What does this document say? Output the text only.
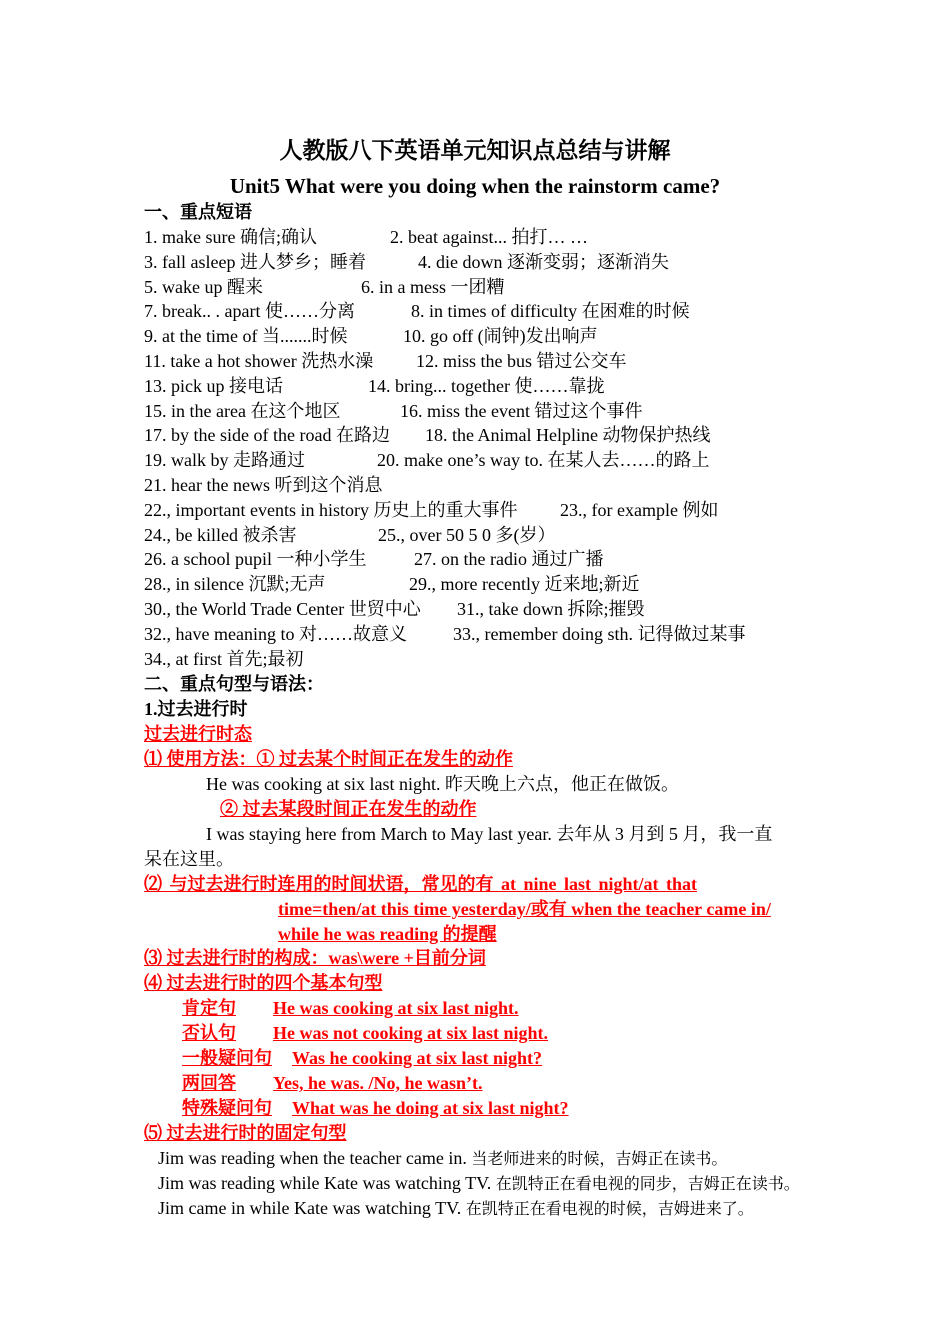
人教版八下英语单元知识点总结与讲解
Unit5 What were you doing when the rainstorm came?
一、重点短语
1. make sure 确信;确认	2. beat against... 拍打… …
3. fall asleep 进人梦乡；睡着	4. die down 逐渐变弱；逐渐消失
5. wake up 醒来	6. in a mess 一团糟
7. break.. . apart 使……分离	8. in times of difficulty 在困难的时候
9. at the time of 当.......时候	10. go off (闹钟)发出响声
11. take a hot shower 洗热水澡 12. miss the bus 错过公交车
13. pick up 接电话	14. bring... together 使……靠拢
15. in the area 在这个地区	16. miss the event 错过这个事件
17. by the side of the road 在路边 18. the Animal Helpline 动物保护热线
19. walk by 走路通过	20. make one’s way to. 在某人去……的路上
21. hear the news 听到这个消息
22., important events in history 历史上的重大事件 23., for example 例如
24., be killed 被杀害	25., over 50 5 0 多(岁）
26. a school pupil 一种小学生	27. on the radio 通过广播
28., in silence 沉默;无声	29., more recently 近来地;新近
30., the World Trade Center 世贸中心 31., take down 拆除;摧毁
32., have meaning to 对……故意义	33., remember doing sth. 记得做过某事
34., at first 首先;最初
二、重点句型与语法：
1.过去进行时
过去进行时态
⑴ 使用方法：① 过去某个时间正在发生的动作
He was cooking at six last night. 昨天晚上六点，他正在做饭。
② 过去某段时间正在发生的动作
I was staying here from March to May last year. 去年从 3 月到 5 月，我一直
呆在这里。
⑵ 与过去进行时连用的时间状语，常见的有 at nine last night/at that
time=then/at this time yesterday/或有 when the teacher came in/
while he was reading 的提醒
⑶ 过去进行时的构成：was\were +目前分词
⑷ 过去进行时的四个基本句型
肯定句 He was cooking at six last night.
否认句 He was not cooking at six last night.
一般疑问句 Was he cooking at six last night?
两回答 Yes, he was. /No, he wasn’t.
特殊疑问句 What was he doing at six last night?
⑸ 过去进行时的固定句型
Jim was reading when the teacher came in. 当老师进来的时候，吉姆正在读书。
Jim was reading while Kate was watching TV. 在凯特正在看电视的同步，吉姆正在读书。
Jim came in while Kate was watching TV. 在凯特正在看电视的时候，吉姆进来了。
